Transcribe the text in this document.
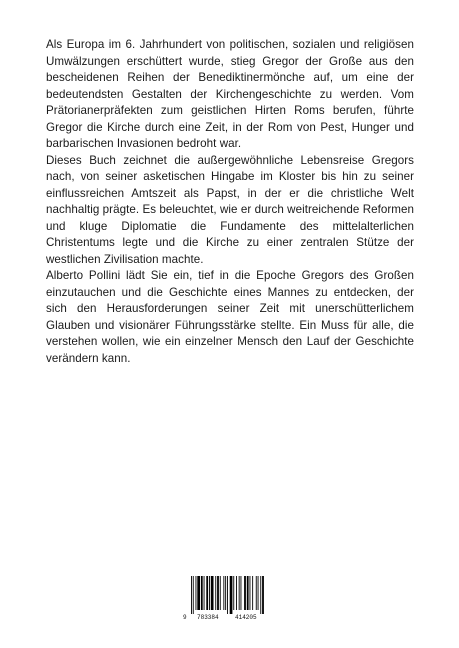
Als Europa im 6. Jahrhundert von politischen, sozialen und religiösen Umwälzungen erschüttert wurde, stieg Gregor der Große aus den bescheidenen Reihen der Benediktinermönche auf, um eine der bedeutendsten Gestalten der Kirchengeschichte zu werden. Vom Prätorianerpräfekten zum geistlichen Hirten Roms berufen, führte Gregor die Kirche durch eine Zeit, in der Rom von Pest, Hunger und barbarischen Invasionen bedroht war.

Dieses Buch zeichnet die außergewöhnliche Lebensreise Gregors nach, von seiner asketischen Hingabe im Kloster bis hin zu seiner einflussreichen Amtszeit als Papst, in der er die christliche Welt nachhaltig prägte. Es beleuchtet, wie er durch weitreichende Reformen und kluge Diplomatie die Fundamente des mittelalterlichen Christentums legte und die Kirche zu einer zentralen Stütze der westlichen Zivilisation machte.

Alberto Pollini lädt Sie ein, tief in die Epoche Gregors des Großen einzutauchen und die Geschichte eines Mannes zu entdecken, der sich den Herausforderungen seiner Zeit mit unerschütterlichem Glauben und visionärer Führungsstärke stellte. Ein Muss für alle, die verstehen wollen, wie ein einzelner Mensch den Lauf der Geschichte verändern kann.

9 783384	414205
